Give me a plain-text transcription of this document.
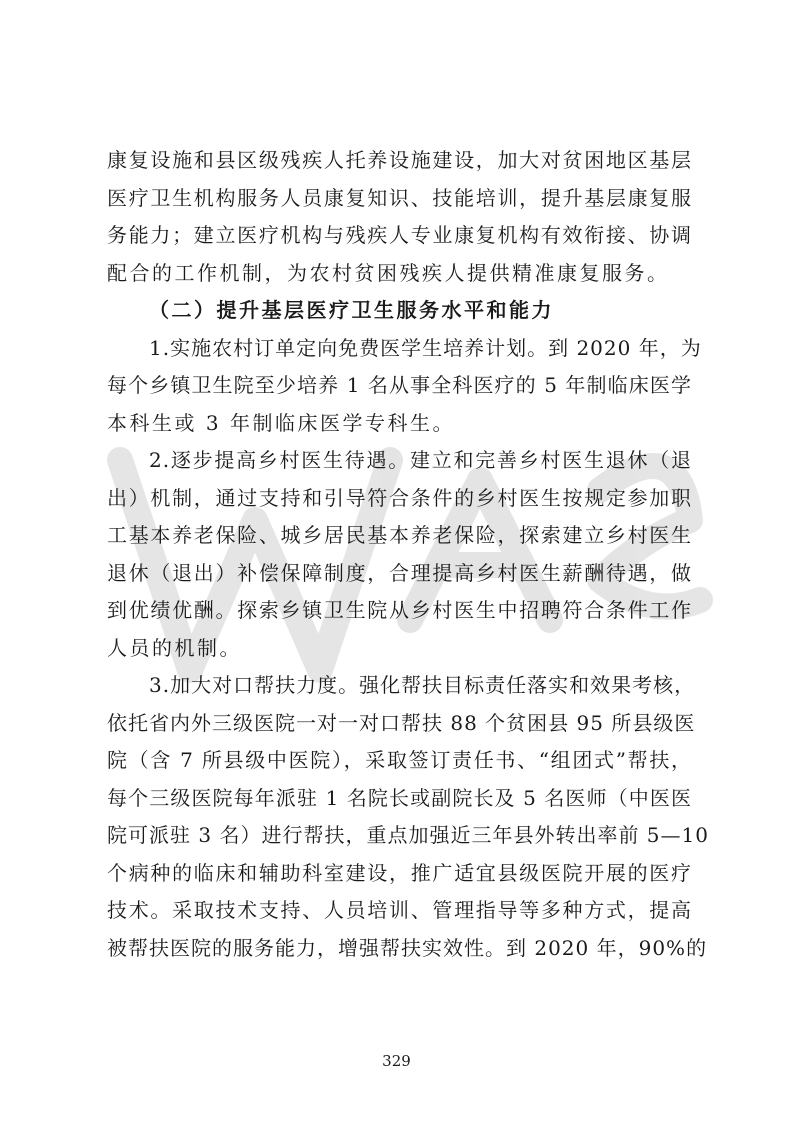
康复设施和县区级残疾人托养设施建设，加大对贫困地区基层
医疗卫生机构服务人员康复知识、技能培训，提升基层康复服
务能力；建立医疗机构与残疾人专业康复机构有效衔接、协调
配合的工作机制，为农村贫困残疾人提供精准康复服务。
（二）提升基层医疗卫生服务水平和能力
1.实施农村订单定向免费医学生培养计划。到 2020 年，为
每个乡镇卫生院至少培养 1 名从事全科医疗的 5 年制临床医学
本科生或 3 年制临床医学专科生。
2.逐步提高乡村医生待遇。建立和完善乡村医生退休（退
出）机制，通过支持和引导符合条件的乡村医生按规定参加职
工基本养老保险、城乡居民基本养老保险，探索建立乡村医生
退休（退出）补偿保障制度，合理提高乡村医生薪酬待遇，做
到优绩优酬。探索乡镇卫生院从乡村医生中招聘符合条件工作
人员的机制。
3.加大对口帮扶力度。强化帮扶目标责任落实和效果考核，
依托省内外三级医院一对一对口帮扶 88 个贫困县 95 所县级医
院（含 7 所县级中医院），采取签订责任书、“组团式”帮扶，
每个三级医院每年派驻 1 名院长或副院长及 5 名医师（中医医
院可派驻 3 名）进行帮扶，重点加强近三年县外转出率前 5—10
个病种的临床和辅助科室建设，推广适宜县级医院开展的医疗
技术。采取技术支持、人员培训、管理指导等多种方式，提高
被帮扶医院的服务能力，增强帮扶实效性。到 2020 年，90%的
329
